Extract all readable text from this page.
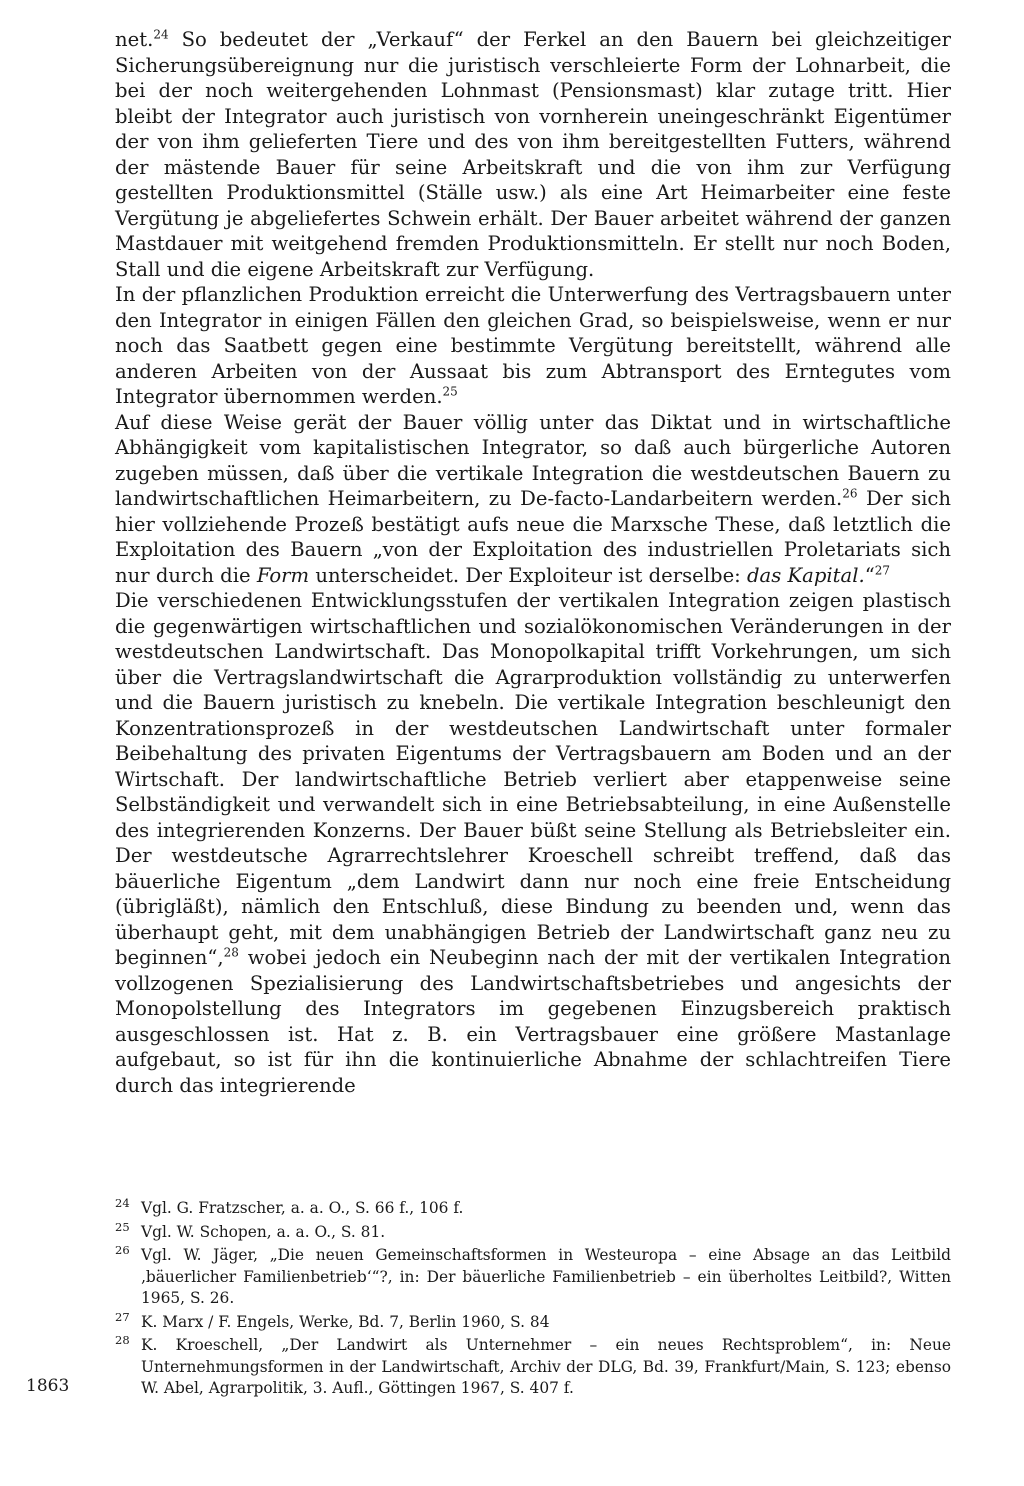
net.$^{24}$ So bedeutet der „Verkauf“ der Ferkel an den Bauern bei gleichzeitiger Sicherungsübereignung nur die juristisch verschleierte Form der Lohnarbeit, die bei der noch weitergehenden Lohnmast (Pensionsmast) klar zutage tritt. Hier bleibt der Integrator auch juristisch von vornherein uneingeschränkt Eigentümer der von ihm gelieferten Tiere und des von ihm bereitgestellten Futters, während der mästende Bauer für seine Arbeitskraft und die von ihm zur Verfügung gestellten Produktionsmittel (Ställe usw.) als eine Art Heimarbeiter eine feste Vergütung je abgeliefertes Schwein erhält. Der Bauer arbeitet während der ganzen Mastdauer mit weitgehend fremden Produktionsmitteln. Er stellt nur noch Boden, Stall und die eigene Arbeitskraft zur Verfügung.

In der pflanzlichen Produktion erreicht die Unterwerfung des Vertragsbauern unter den Integrator in einigen Fällen den gleichen Grad, so beispielsweise, wenn er nur noch das Saatbett gegen eine bestimmte Vergütung bereitstellt, während alle anderen Arbeiten von der Aussaat bis zum Abtransport des Erntegutes vom Integrator übernommen werden.$^{25}$

Auf diese Weise gerät der Bauer völlig unter das Diktat und in wirtschaftliche Abhängigkeit vom kapitalistischen Integrator, so daß auch bürgerliche Autoren zugeben müssen, daß über die vertikale Integration die westdeutschen Bauern zu landwirtschaftlichen Heimarbeitern, zu De-facto-Landarbeitern werden.$^{26}$ Der sich hier vollziehende Prozeß bestätigt aufs neue die Marxsche These, daß letztlich die Exploitation des Bauern „von der Exploitation des industriellen Proletariats sich nur durch die Form unterscheidet. Der Exploiteur ist derselbe: das Kapital.“$^{27}$

Die verschiedenen Entwicklungsstufen der vertikalen Integration zeigen plastisch die gegenwärtigen wirtschaftlichen und sozialökonomischen Veränderungen in der westdeutschen Landwirtschaft. Das Monopolkapital trifft Vorkehrungen, um sich über die Vertragslandwirtschaft die Agrarproduktion vollständig zu unterwerfen und die Bauern juristisch zu knebeln. Die vertikale Integration beschleunigt den Konzentrationsprozeß in der westdeutschen Landwirtschaft unter formaler Beibehaltung des privaten Eigentums der Vertragsbauern am Boden und an der Wirtschaft. Der landwirtschaftliche Betrieb verliert aber etappenweise seine Selbständigkeit und verwandelt sich in eine Betriebsabteilung, in eine Außenstelle des integrierenden Konzerns. Der Bauer büßt seine Stellung als Betriebsleiter ein. Der westdeutsche Agrarrechtslehrer Kroeschell schreibt treffend, daß das bäuerliche Eigentum „dem Landwirt dann nur noch eine freie Entscheidung (übrigläßt), nämlich den Entschluß, diese Bindung zu beenden und, wenn das überhaupt geht, mit dem unabhängigen Betrieb der Landwirtschaft ganz neu zu beginnen“,$^{28}$ wobei jedoch ein Neubeginn nach der mit der vertikalen Integration vollzogenen Spezialisierung des Landwirtschaftsbetriebes und angesichts der Monopolstellung des Integrators im gegebenen Einzugsbereich praktisch ausgeschlossen ist. Hat z. B. ein Vertragsbauer eine größere Mastanlage aufgebaut, so ist für ihn die kontinuierliche Abnahme der schlachtreifen Tiere durch das integrierende

24 Vgl. G. Fratzscher, a. a. O., S. 66 f., 106 f.
25 Vgl. W. Schopen, a. a. O., S. 81.
26 Vgl. W. Jäger, „Die neuen Gemeinschaftsformen in Westeuropa – eine Absage an das Leitbild ‚bäuerlicher Familienbetrieb‘“?, in: Der bäuerliche Familienbetrieb – ein überholtes Leitbild?, Witten 1965, S. 26.
27 K. Marx / F. Engels, Werke, Bd. 7, Berlin 1960, S. 84
28 K. Kroeschell, „Der Landwirt als Unternehmer – ein neues Rechtsproblem“, in: Neue Unternehmungsformen in der Landwirtschaft, Archiv der DLG, Bd. 39, Frankfurt/Main, S. 123; ebenso W. Abel, Agrarpolitik, 3. Aufl., Göttingen 1967, S. 407 f.
1863
